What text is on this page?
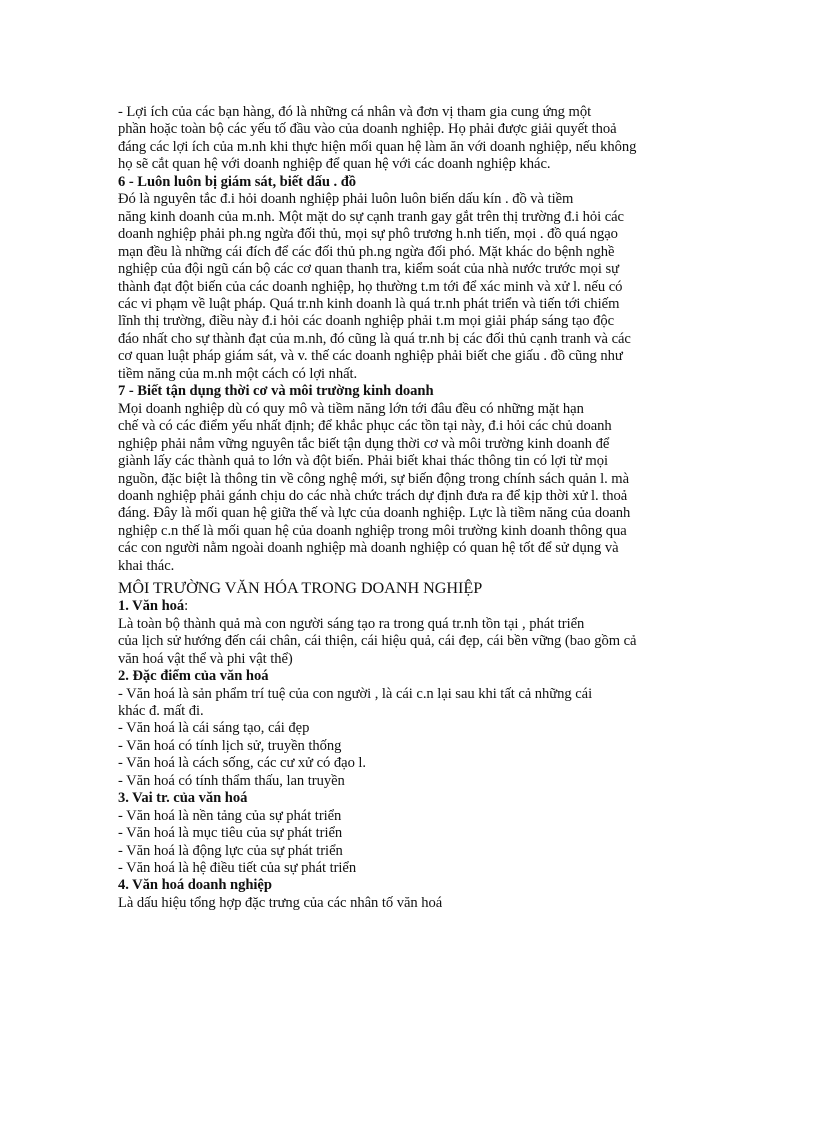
- Lợi ích của các bạn hàng, đó là những cá nhân và đơn vị tham gia cung ứng một
phần hoặc toàn bộ các yếu tố đầu vào của doanh nghiệp. Họ phải được giải quyết thoả
đáng các lợi ích của m.nh khi thực hiện mối quan hệ làm ăn với doanh nghiệp, nếu không
họ sẽ cắt quan hệ với doanh nghiệp để quan hệ với các doanh nghiệp khác.
6 - Luôn luôn bị giám sát, biết dấu . đồ
Đó là nguyên tắc đ.i hỏi doanh nghiệp phải luôn luôn biến dấu kín . đồ và tiềm
năng kinh doanh của m.nh. Một mặt do sự cạnh tranh gay gắt trên thị trường đ.i hỏi các
doanh nghiệp phải ph.ng ngừa đối thủ, mọi sự phô trương h.nh tiến, mọi . đồ quá ngạo
mạn đều là những cái đích để các đối thủ ph.ng ngừa đối phó. Mặt khác do bệnh nghề
nghiệp của đội ngũ cán bộ các cơ quan thanh tra, kiểm soát của nhà nước trước mọi sự
thành đạt đột biến của các doanh nghiệp, họ thường t.m tới để xác minh và xử l. nếu có
các vi phạm về luật pháp. Quá tr.nh kinh doanh là quá tr.nh phát triển và tiến tới chiếm
lĩnh thị trường, điều này đ.i hỏi các doanh nghiệp phải t.m mọi giải pháp sáng tạo độc
đáo nhất cho sự thành đạt của m.nh, đó cũng là quá tr.nh bị các đối thủ cạnh tranh và các
cơ quan luật pháp giám sát, và v. thế các doanh nghiệp phải biết che giấu . đồ cũng như
tiềm năng của m.nh một cách có lợi nhất.
7 - Biết tận dụng thời cơ và môi trường kinh doanh
Mọi doanh nghiệp dù có quy mô và tiềm năng lớn tới đâu đều có những mặt hạn
chế và có các điểm yếu nhất định; để khắc phục các tồn tại này, đ.i hỏi các chủ doanh
nghiệp phải nắm vững nguyên tắc biết tận dụng thời cơ và môi trường kinh doanh để
giành lấy các thành quả to lớn và đột biến. Phải biết khai thác thông tin có lợi từ mọi
nguồn, đặc biệt là thông tin về công nghệ mới, sự biến động trong chính sách quản l. mà
doanh nghiệp phải gánh chịu do các nhà chức trách dự định đưa ra để kịp thời xử l. thoả
đáng. Đây là mối quan hệ giữa thế và lực của doanh nghiệp. Lực là tiềm năng của doanh
nghiệp c.n thế là mối quan hệ của doanh nghiệp trong môi trường kinh doanh thông qua
các con người nằm ngoài doanh nghiệp mà doanh nghiệp có quan hệ tốt để sử dụng và
khai thác.
MÔI TRƯỜNG VĂN HÓA TRONG DOANH NGHIỆP
1. Văn hoá:
Là toàn bộ thành quả mà con người sáng tạo ra trong quá tr.nh tồn tại , phát triển
của lịch sử hướng đến cái chân, cái thiện, cái hiệu quả, cái đẹp, cái bền vững (bao gồm cả
văn hoá vật thể và phi vật thể)
2. Đặc điểm của văn hoá
- Văn hoá là sản phẩm trí tuệ của con người , là cái c.n lại sau khi tất cả những cái
khác đ. mất đi.
- Văn hoá là cái sáng tạo, cái đẹp
- Văn hoá có tính lịch sử, truyền thống
- Văn hoá là cách sống, các cư xử có đạo l.
- Văn hoá có tính thẩm thấu, lan truyền
3. Vai tr. của văn hoá
- Văn hoá là nền tảng của sự phát triển
- Văn hoá là mục tiêu của sự phát triển
- Văn hoá là động lực của sự phát triển
- Văn hoá là hệ điều tiết của sự phát triển
4. Văn hoá doanh nghiệp
Là dấu hiệu tổng hợp đặc trưng của các nhân tố văn hoá
